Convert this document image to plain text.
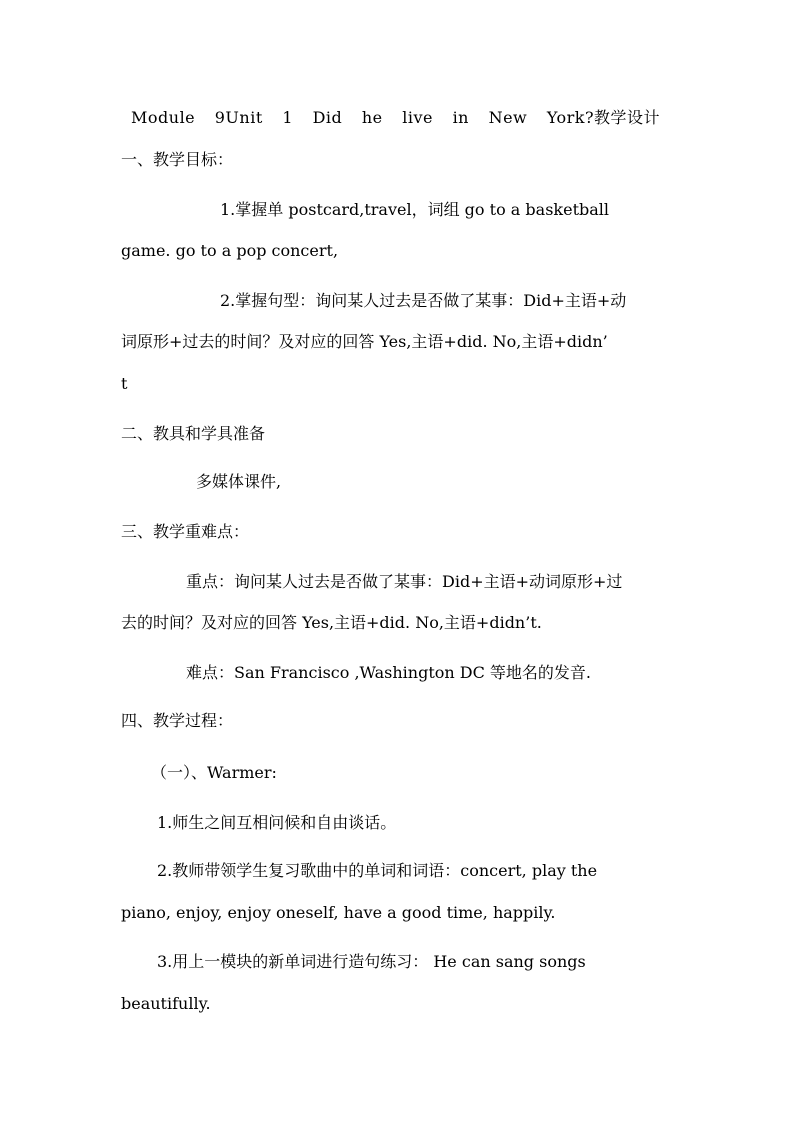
Module 9Unit 1 Did he live in New York?教学设计
一、教学目标：
1.掌握单 postcard,travel，词组 go to a basketball
game. go to a pop concert,
2.掌握句型：询问某人过去是否做了某事：Did+主语+动
词原形+过去的时间？及对应的回答 Yes,主语+did. No,主语+didn’
t
二、教具和学具准备
多媒体课件,
三、教学重难点：
重点：询问某人过去是否做了某事：Did+主语+动词原形+过
去的时间？及对应的回答 Yes,主语+did. No,主语+didn’t.
难点：San Francisco ,Washington DC 等地名的发音.
四、教学过程：
（一）、Warmer:
1.师生之间互相问候和自由谈话。
2.教师带领学生复习歌曲中的单词和词语：concert, play the
piano, enjoy, enjoy oneself, have a good time, happily.
3.用上一模块的新单词进行造句练习： He can sang songs
beautifully.
